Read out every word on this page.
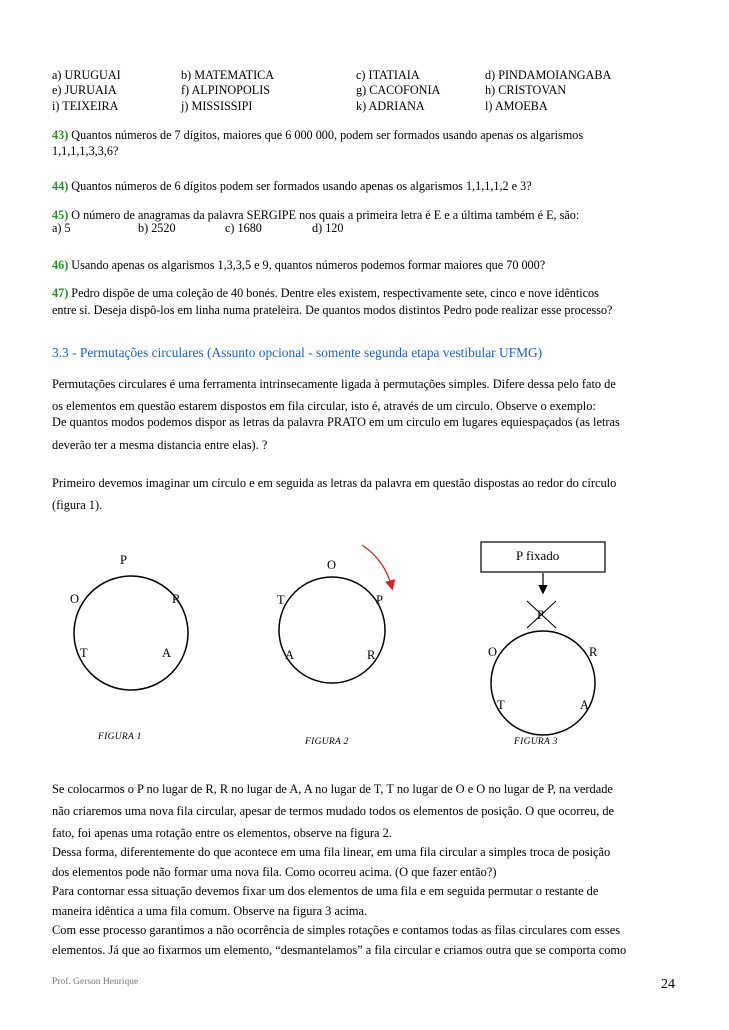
a) URUGUAI	b) MATEMATICA	c) ITATIAIA	d) PINDAMOIANGABA
e) JURUAIA	f) ALPINOPOLIS	g) CACOFONIA	h) CRISTOVAN
i) TEIXEIRA	j) MISSISSIPI	k) ADRIANA	l) AMOEBA
43) Quantos números de 7 dígitos, maiores que 6 000 000, podem ser formados usando apenas os algarismos
1,1,1,1,3,3,6?
44) Quantos números de 6 dígitos podem ser formados usando apenas os algarismos 1,1,1,1,2 e 3?
45) O número de anagramas da palavra SERGIPE nos quais a primeira letra é E e a última também é E, são:
a) 5	b) 2520	c) 1680	d) 120
46) Usando apenas os algarismos 1,3,3,5 e 9, quantos números podemos formar maiores que 70 000?
47) Pedro dispõe de uma coleção de 40 bonés. Dentre eles existem, respectivamente sete, cinco e nove idênticos
entre si. Deseja dispô-los em linha numa prateleira. De quantos modos distintos Pedro pode realizar esse processo?
3.3 - Permutações circulares (Assunto opcional - somente segunda etapa vestibular UFMG)
Permutações circulares é uma ferramenta intrinsecamente ligada à permutações simples. Difere dessa pelo fato de
os elementos em questão estarem dispostos em fila circular, isto é, através de um circulo. Observe o exemplo:
De quantos modos podemos dispor as letras da palavra PRATO em um circulo em lugares equiespaçados (as letras
deverão ter a mesma distancia entre elas). ?
Primeiro devemos imaginar um círculo e em seguida as letras da palavra em questão dispostas ao redor do círculo
(figura 1).
P
O	R
T	A
FIGURA 1
O
T	P
A	R
FIGURA 2
P fixado
P
O	R
T	A
FIGURA 3
Se colocarmos o P no lugar de R, R no lugar de A, A no lugar de T, T no lugar de O e O no lugar de P, na verdade
não criaremos uma nova fila circular, apesar de termos mudado todos os elementos de posição. O que ocorreu, de
fato, foi apenas uma rotação entre os elementos, observe na figura 2.
Dessa forma, diferentemente do que acontece em uma fila linear, em uma fila circular a simples troca de posição
dos elementos pode não formar uma nova fila. Como ocorreu acima. (O que fazer então?)
Para contornar essa situação devemos fixar um dos elementos de uma fila e em seguida permutar o restante de
maneira idêntica a uma fila comum. Observe na figura 3 acima.
Com esse processo garantimos a não ocorrência de simples rotações e contamos todas as filas circulares com esses
elementos. Já que ao fixarmos um elemento, “desmantelamos” a fila circular e criamos outra que se comporta como
Prof. Gerson Henrique	24
